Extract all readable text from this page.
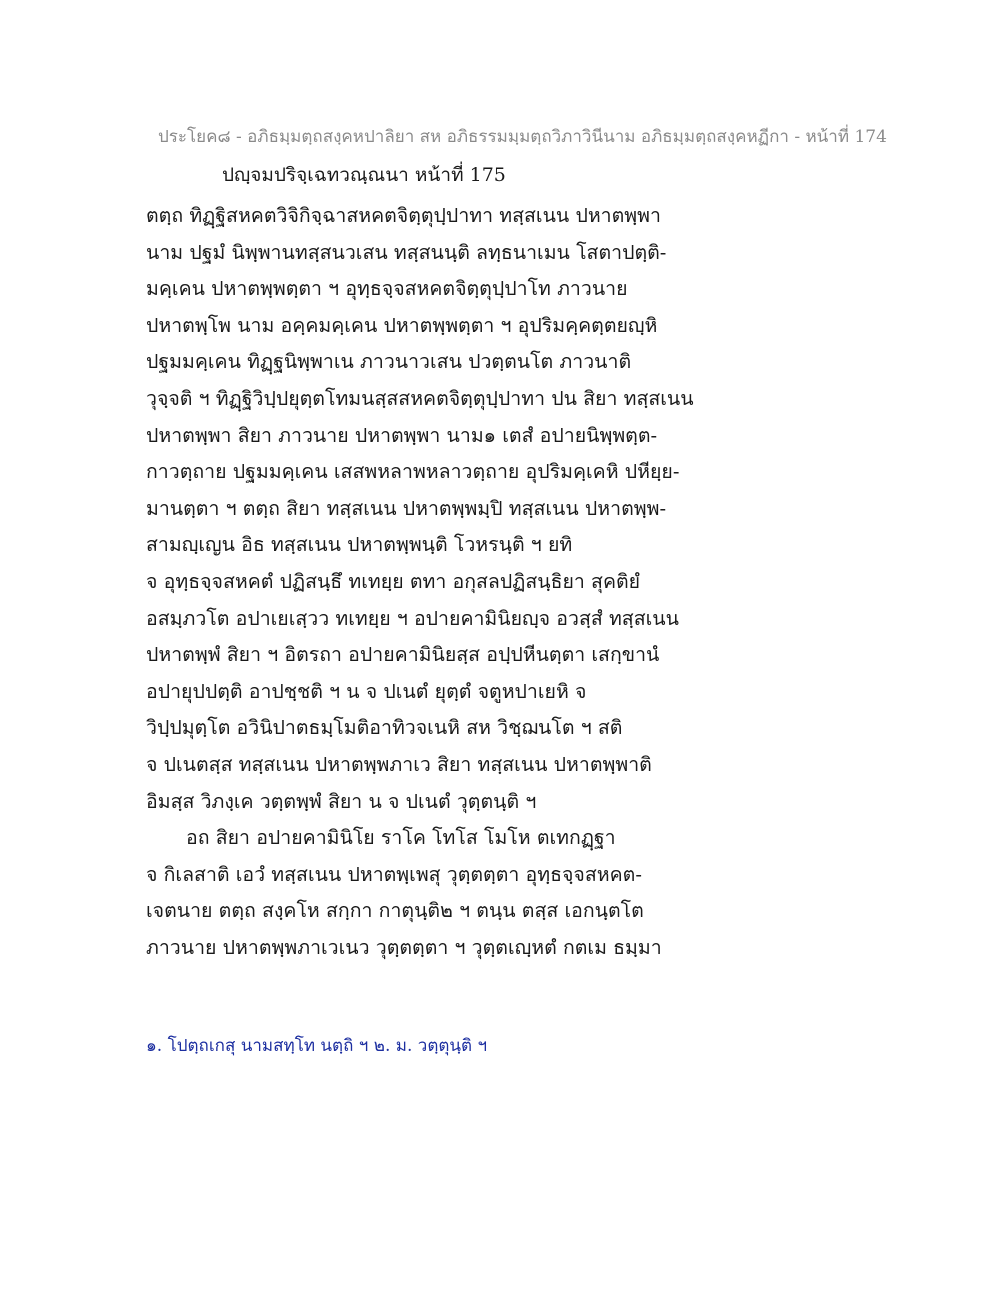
ประโยค๘ - อภิธมฺมตฺถสงฺคหปาลิยา สห อภิธรรมมฺมตฺถวิภาวินีนาม อภิธมฺมตฺถสงฺคหฏีกา - หน้าที่ 174
ปญฺจมปริจฺเฉทวณฺณนา หน้าที่ 175
ตตฺถ ทิฏฺฐิสหคตวิจิกิจฺฉาสหคตจิตฺตุปฺปาทา ทสฺสเนน ปหาตพฺพา
นาม ปฐมํ นิพฺพานทสฺสนวเสน ทสฺสนนฺติ ลทฺธนาเมน โสตาปตฺติ-
มคฺเคน ปหาตพฺพตฺตา ฯ อุทฺธจฺจสหคตจิตฺตุปฺปาโท ภาวนาย
ปหาตพฺโพ นาม อคฺคมคฺเคน ปหาตพฺพตฺตา ฯ อุปริมคฺคตฺตยญฺหิ
ปฐมมคฺเคน ทิฏฺฐนิพฺพาเน ภาวนาวเสน ปวตฺตนโต ภาวนาติ
วุจฺจติ ฯ ทิฏฺฐิวิปฺปยุตฺตโทมนสฺสสหคตจิตฺตุปฺปาทา ปน สิยา ทสฺสเนน
ปหาตพฺพา สิยา ภาวนาย ปหาตพฺพา นาม๑ เตสํ อปายนิพฺพตฺต-
กาวตฺถาย ปฐมมคฺเคน เสสพหลาพหลาวตฺถาย อุปริมคฺเคหิ ปหียฺย-
มานตฺตา ฯ ตตฺถ สิยา ทสฺสเนน ปหาตพฺพมฺปิ ทสฺสเนน ปหาตพฺพ-
สามญฺเญน อิธ ทสฺสเนน ปหาตพฺพนฺติ โวหรนฺติ ฯ ยทิ
จ อุทฺธจฺจสหคตํ ปฏิสนฺธึ ทเทยฺย ตทา อกุสลปฏิสนฺธิยา สุคติยํ
อสมฺภวโต อปาเยเสฺวว ทเทยฺย ฯ อปายคามินิยญฺจ อวสฺสํ ทสฺสเนน
ปหาตพฺพํ สิยา ฯ อิตรถา อปายคามินิยสฺส อปฺปหีนตฺตา เสกฺขานํ
อปายุปปตฺติ อาปชฺชติ ฯ น จ ปเนตํ ยุตฺตํ จตูหปาเยหิ จ
วิปฺปมุตฺโต อวินิปาตธมฺโมติอาทิวจเนหิ สห วิชฺฌนโต ฯ สติ
จ ปเนตสฺส ทสฺสเนน ปหาตพฺพภาเว สิยา ทสฺสเนน ปหาตพฺพาติ
อิมสฺส วิภงฺเค วตฺตพฺพํ สิยา น จ ปเนตํ วุตฺตนฺติ ฯ
อถ สิยา อปายคามินิโย ราโค โทโส โมโห ตเทกฏฺฐา
จ กิเลสาติ เอวํ ทสฺสเนน ปหาตพฺเพสุ วุตฺตตฺตา อุทฺธจฺจสหคต-
เจตนาย ตตฺถ สงฺคโห สกฺกา กาตุนฺติ๒ ฯ ตนฺน ตสฺส เอกนฺตโต
ภาวนาย ปหาตพฺพภาเวเนว วุตฺตตฺตา ฯ วุตฺตเญฺหตํ กตเม ธมฺมา
๑. โปตฺถเกสุ นามสทฺโท นตฺถิ ฯ ๒. ม. วตฺตุนฺติ ฯ
